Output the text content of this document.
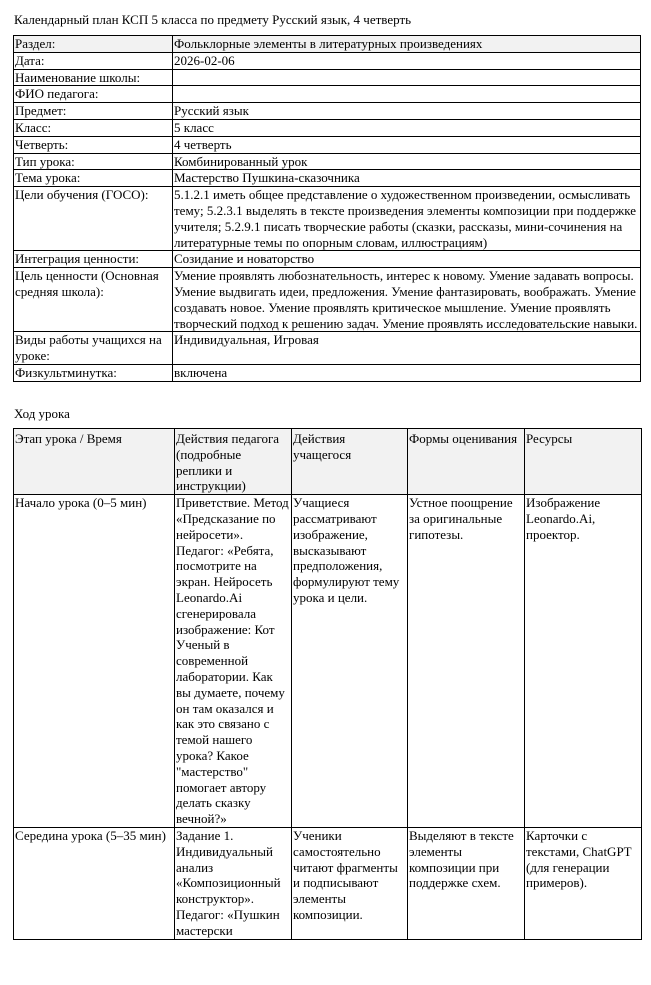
Календарный план КСП 5 класса по предмету Русский язык, 4 четверть
Раздел:	Фольклорные элементы в литературных произведениях
Дата:	2026-02-06
Наименование школы:	
ФИО педагога:	
Предмет:	Русский язык
Класс:	5 класс
Четверть:	4 четверть
Тип урока:	Комбинированный урок
Тема урока:	Мастерство Пушкина-сказочника
Цели обучения (ГОСО):	5.1.2.1 иметь общее представление о художественном произведении, осмысливать тему; 5.2.3.1 выделять в тексте произведения элементы композиции при поддержке учителя; 5.2.9.1 писать творческие работы (сказки, рассказы, мини-сочинения на литературные темы по опорным словам, иллюстрациям)
Интеграция ценности:	Созидание и новаторство
Цель ценности (Основная средняя школа):	Умение проявлять любознательность, интерес к новому. Умение задавать вопросы. Умение выдвигать идеи, предложения. Умение фантазировать, воображать. Умение создавать новое. Умение проявлять критическое мышление. Умение проявлять творческий подход к решению задач. Умение проявлять исследовательские навыки.
Виды работы учащихся на уроке:	Индивидуальная, Игровая
Физкультминутка:	включена
Ход урока
Этап урока / Время	Действия педагога (подробные реплики и инструкции)	Действия учащегося	Формы оценивания	Ресурсы
Начало урока (0–5 мин)	Приветствие. Метод «Предсказание по нейросети». Педагог: «Ребята, посмотрите на экран. Нейросеть Leonardo.Ai сгенерировала изображение: Кот Ученый в современной лаборатории. Как вы думаете, почему он там оказался и как это связано с темой нашего урока? Какое "мастерство" помогает автору делать сказку вечной?»	Учащиеся рассматривают изображение, высказывают предположения, формулируют тему урока и цели.	Устное поощрение за оригинальные гипотезы.	Изображение Leonardo.Ai, проектор.
Середина урока (5–35 мин)	Задание 1. Индивидуальный анализ «Композиционный конструктор». Педагог: «Пушкин мастерски	Ученики самостоятельно читают фрагменты и подписывают элементы композиции.	Выделяют в тексте элементы композиции при поддержке схем.	Карточки с текстами, ChatGPT (для генерации примеров).
